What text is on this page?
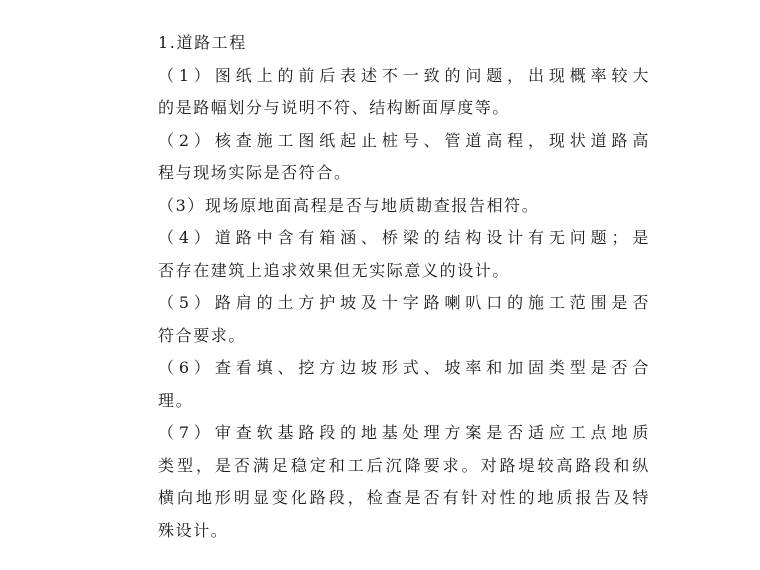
1.道路工程
（1）图纸上的前后表述不一致的问题，出现概率较大
的是路幅划分与说明不符、结构断面厚度等。
（2）核查施工图纸起止桩号、管道高程，现状道路高
程与现场实际是否符合。
（3）现场原地面高程是否与地质勘查报告相符。
（4）道路中含有箱涵、桥梁的结构设计有无问题；是
否存在建筑上追求效果但无实际意义的设计。
（5）路肩的土方护坡及十字路喇叭口的施工范围是否
符合要求。
（6）查看填、挖方边坡形式、坡率和加固类型是否合
理。
（7）审查软基路段的地基处理方案是否适应工点地质
类型，是否满足稳定和工后沉降要求。对路堤较高路段和纵
横向地形明显变化路段，检查是否有针对性的地质报告及特
殊设计。
